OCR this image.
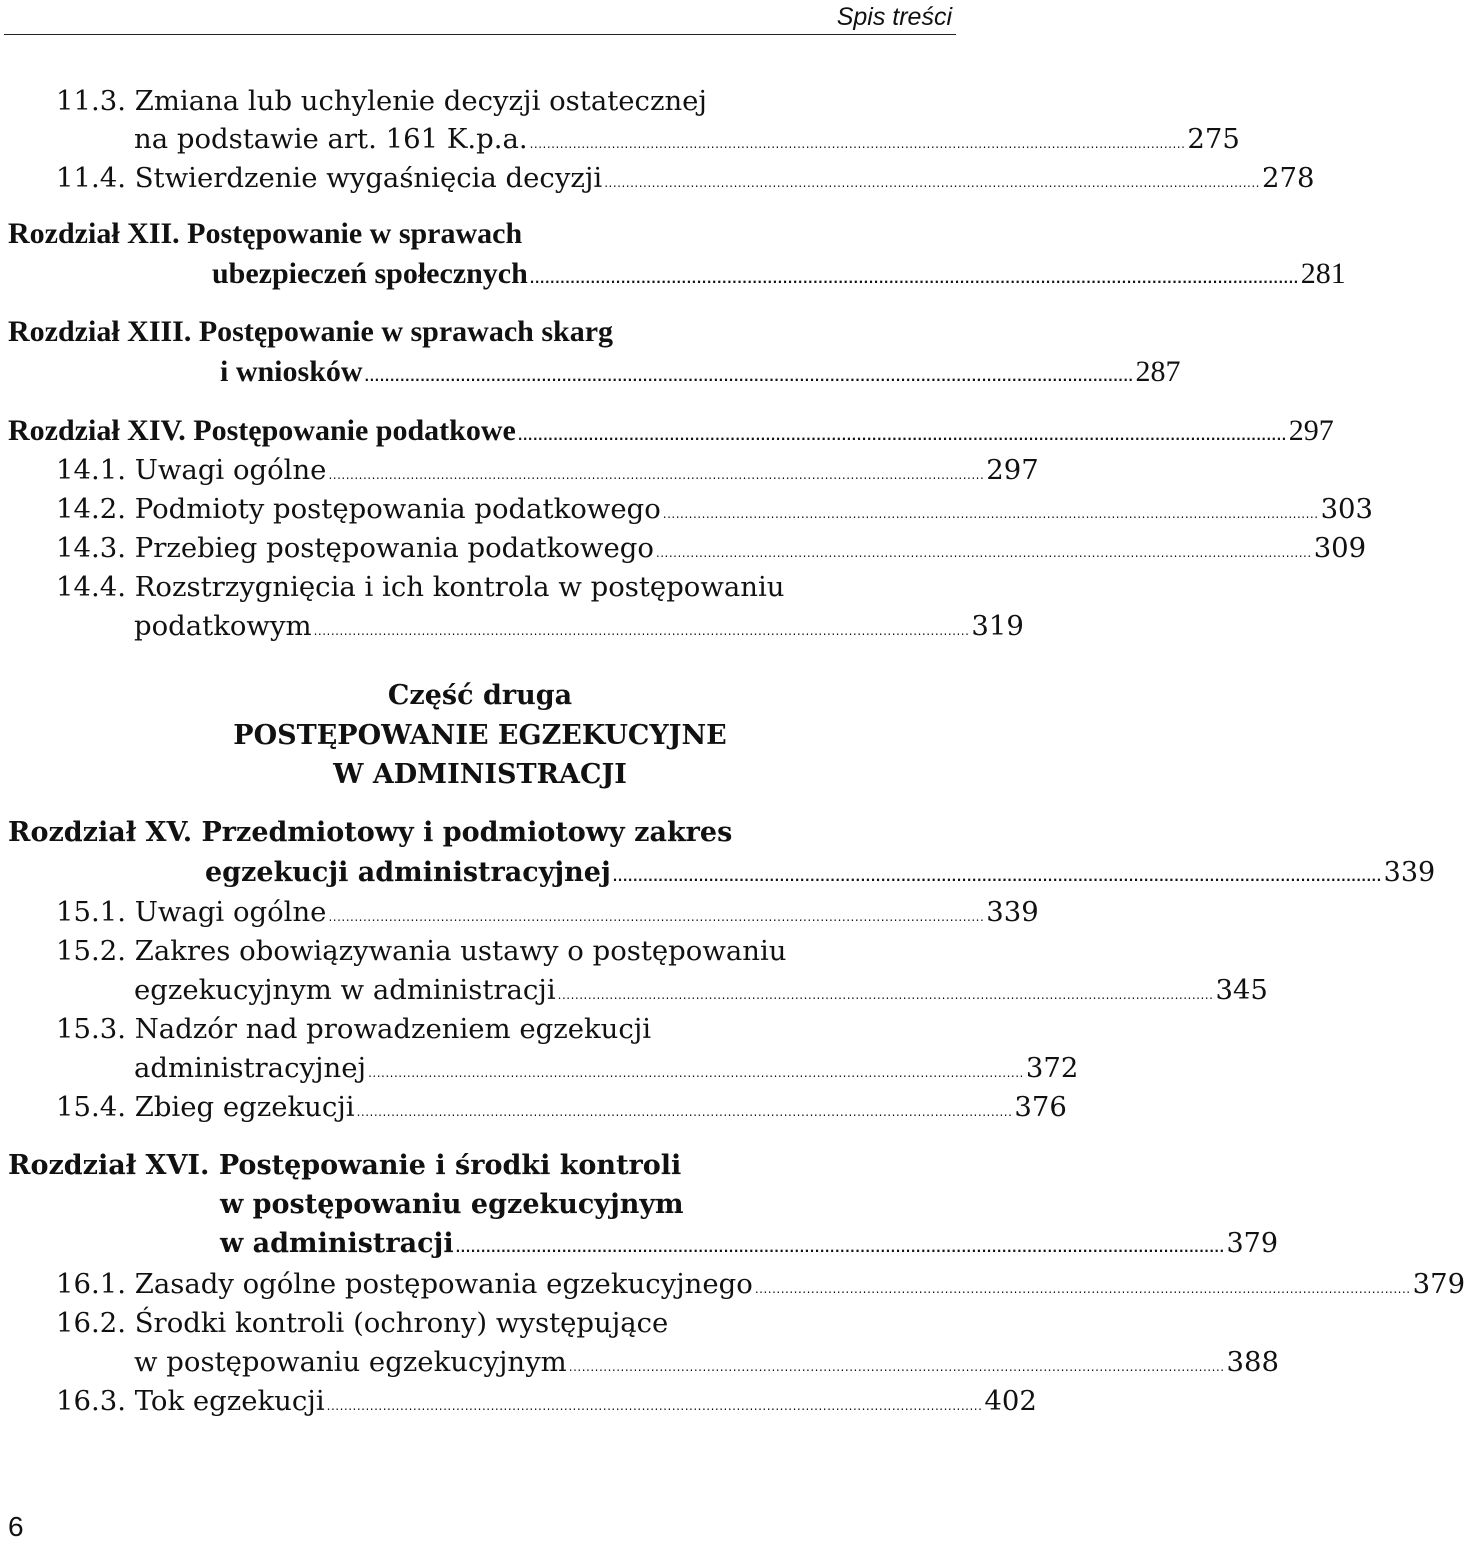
Spis treści
11.3. Zmiana lub uchylenie decyzji ostatecznej
na podstawie art. 161 K.p.a. ........................................................................................................................................................ 275
11.4. Stwierdzenie wygaśnięcia decyzji ........................................................................................................................................................ 278
Rozdział XII. Postępowanie w sprawach
ubezpieczeń społecznych ........................................................................................................................................................ 281
Rozdział XIII. Postępowanie w sprawach skarg
i wniosków ........................................................................................................................................................ 287
Rozdział XIV. Postępowanie podatkowe ........................................................................................................................................................ 297
14.1. Uwagi ogólne ........................................................................................................................................................ 297
14.2. Podmioty postępowania podatkowego ........................................................................................................................................................ 303
14.3. Przebieg postępowania podatkowego ........................................................................................................................................................ 309
14.4. Rozstrzygnięcia i ich kontrola w postępowaniu
podatkowym ........................................................................................................................................................ 319
Część druga
POSTĘPOWANIE EGZEKUCYJNE
W ADMINISTRACJI
Rozdział XV. Przedmiotowy i podmiotowy zakres
egzekucji administracyjnej ........................................................................................................................................................ 339
15.1. Uwagi ogólne ........................................................................................................................................................ 339
15.2. Zakres obowiązywania ustawy o postępowaniu
egzekucyjnym w administracji ........................................................................................................................................................ 345
15.3. Nadzór nad prowadzeniem egzekucji
administracyjnej ........................................................................................................................................................ 372
15.4. Zbieg egzekucji ........................................................................................................................................................ 376
Rozdział XVI. Postępowanie i środki kontroli
w postępowaniu egzekucyjnym
w administracji ........................................................................................................................................................ 379
16.1. Zasady ogólne postępowania egzekucyjnego ........................................................................................................................................................ 379
16.2. Środki kontroli (ochrony) występujące
w postępowaniu egzekucyjnym ........................................................................................................................................................ 388
16.3. Tok egzekucji ........................................................................................................................................................ 402
6
